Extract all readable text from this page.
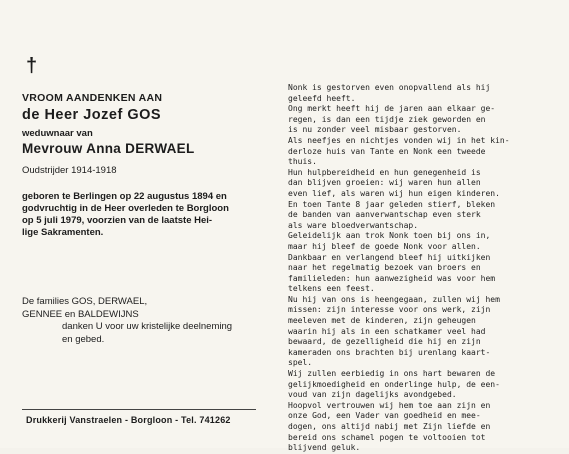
†
VROOM AANDENKEN AAN
de Heer Jozef GOS
weduwnaar van
Mevrouw Anna DERWAEL
Oudstrijder 1914-1918
geboren te Berlingen op 22 augustus 1894 en
godvruchtig in de Heer overleden te Borgloon
op 5 juli 1979, voorzien van de laatste Hei-
lige Sakramenten.
De families GOS, DERWAEL,
GENNEE en BALDEWIJNS
danken U voor uw kristelijke deelneming
en gebed.
Drukkerij Vanstraelen - Borgloon - Tel. 741262
Nonk is gestorven even onopvallend als hij
geleefd heeft.
Ong merkt heeft hij de jaren aan elkaar ge-
regen, is dan een tijdje ziek geworden en
is nu zonder veel misbaar gestorven.
Als neefjes en nichtjes vonden wij in het kin-
derloze huis van Tante en Nonk een tweede
thuis.
Hun hulpbereidheid en hun genegenheid is
dan blijven groeien: wij waren hun allen
even lief, als waren wij hun eigen kinderen.
En toen Tante 8 jaar geleden stierf, bleken
de banden van aanverwantschap even sterk
als ware bloedverwantschap.
Geleidelijk aan trok Nonk toen bij ons in,
maar hij bleef de goede Nonk voor allen.
Dankbaar en verlangend bleef hij uitkijken
naar het regelmatig bezoek van broers en
familieleden: hun aanwezigheid was voor hem
telkens een feest.
Nu hij van ons is heengegaan, zullen wij hem
missen: zijn interesse voor ons werk, zijn
meeleven met de kinderen, zijn geheugen
waarin hij als in een schatkamer veel had
bewaard, de gezelligheid die hij en zijn
kameraden ons brachten bij urenlang kaart-
spel.
Wij zullen eerbiedig in ons hart bewaren de
gelijkmoedigheid en onderlinge hulp, de een-
voud van zijn dagelijks avondgebed.
Hoopvol vertrouwen wij hem toe aan zijn en
onze God, een Vader van goedheid en mee-
dogen, ons altijd nabij met Zijn liefde en
bereid ons schamel pogen te voltooien tot
blijvend geluk.
